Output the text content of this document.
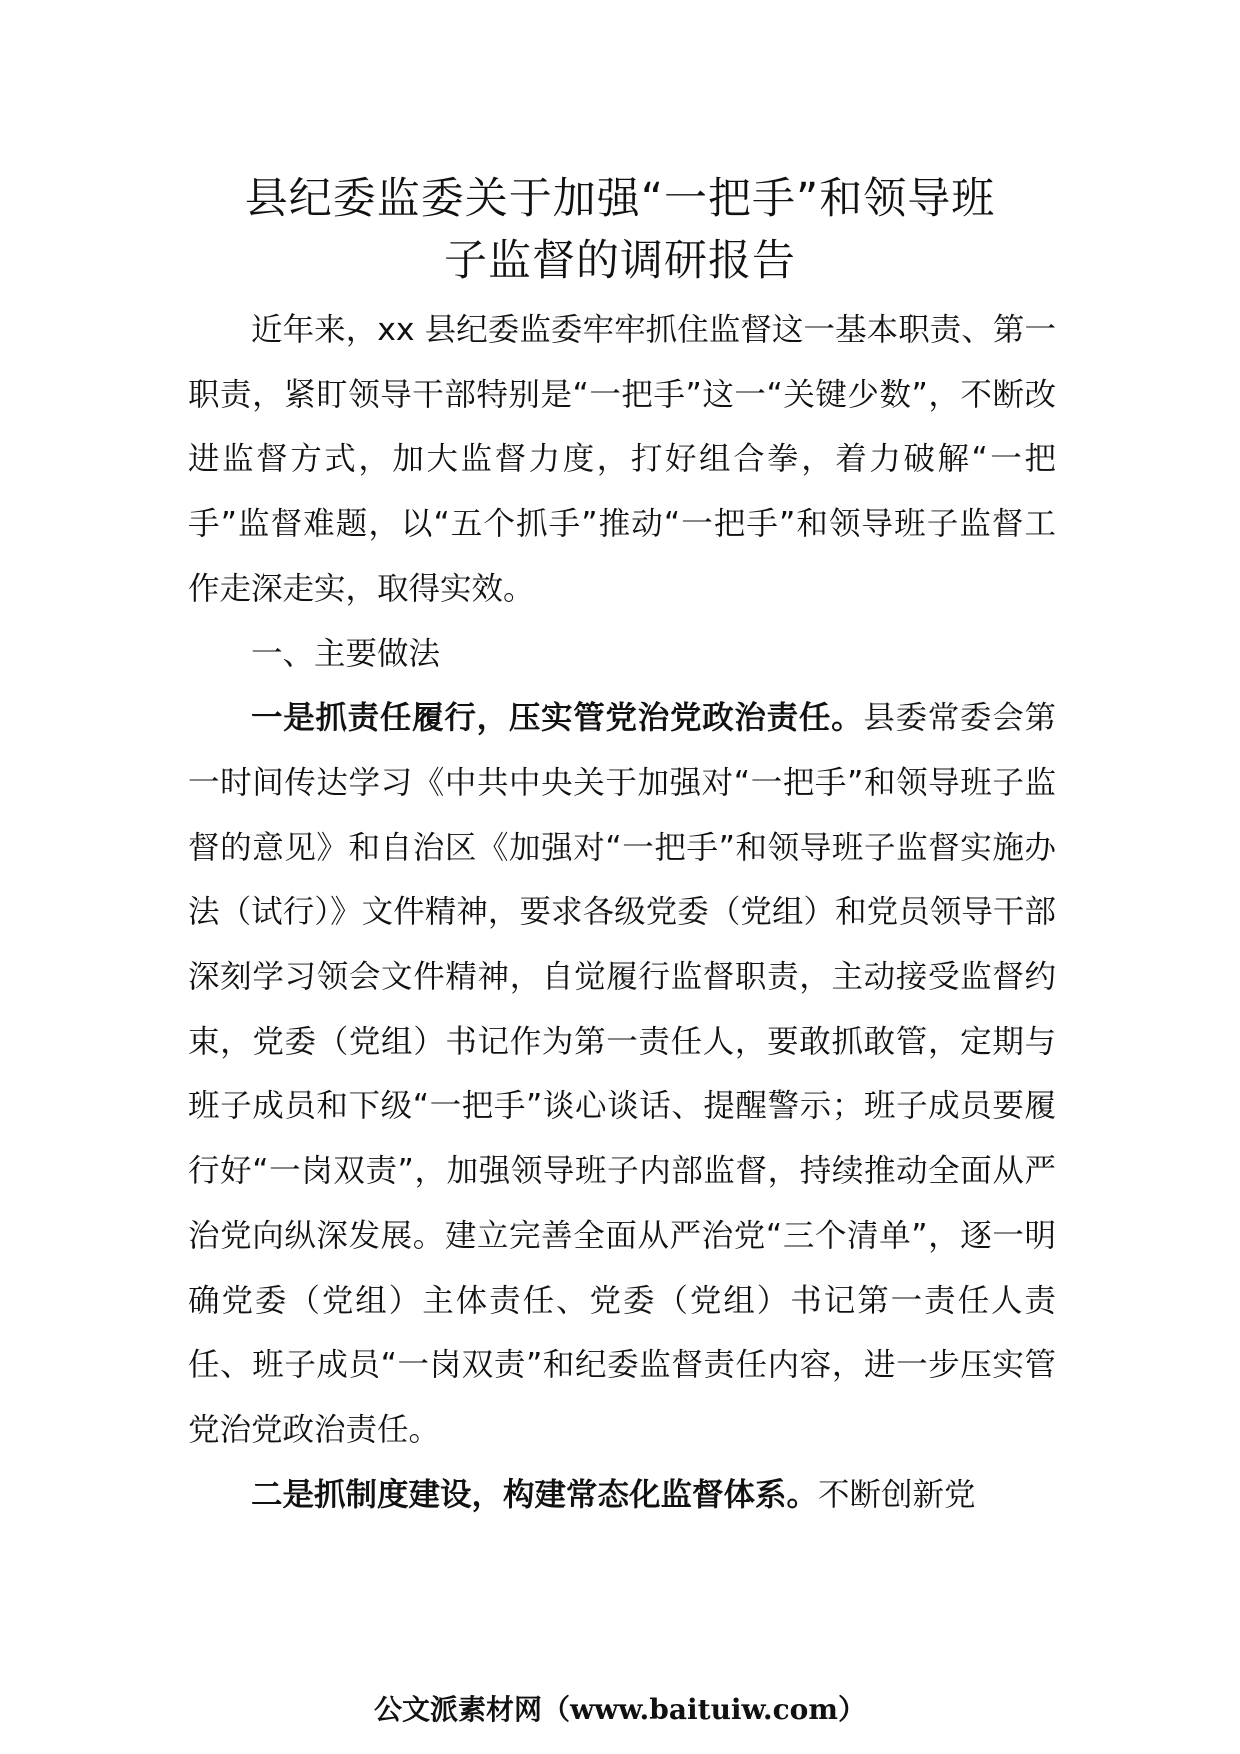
县纪委监委关于加强“一把手”和领导班
子监督的调研报告

近年来，xx 县纪委监委牢牢抓住监督这一基本职责、第一职责，紧盯领导干部特别是“一把手”这一“关键少数”，不断改进监督方式，加大监督力度，打好组合拳，着力破解“一把手”监督难题，以“五个抓手”推动“一把手”和领导班子监督工作走深走实，取得实效。

一、主要做法

一是抓责任履行，压实管党治党政治责任。县委常委会第一时间传达学习《中共中央关于加强对“一把手”和领导班子监督的意见》和自治区《加强对“一把手”和领导班子监督实施办法（试行）》文件精神，要求各级党委（党组）和党员领导干部深刻学习领会文件精神，自觉履行监督职责，主动接受监督约束，党委（党组）书记作为第一责任人，要敢抓敢管，定期与班子成员和下级“一把手”谈心谈话、提醒警示；班子成员要履行好“一岗双责”，加强领导班子内部监督，持续推动全面从严治党向纵深发展。建立完善全面从严治党“三个清单”，逐一明确党委（党组）主体责任、党委（党组）书记第一责任人责任、班子成员“一岗双责”和纪委监督责任内容，进一步压实管党治党政治责任。

二是抓制度建设，构建常态化监督体系。不断创新党

公文派素材网（www.baituiw.com）
